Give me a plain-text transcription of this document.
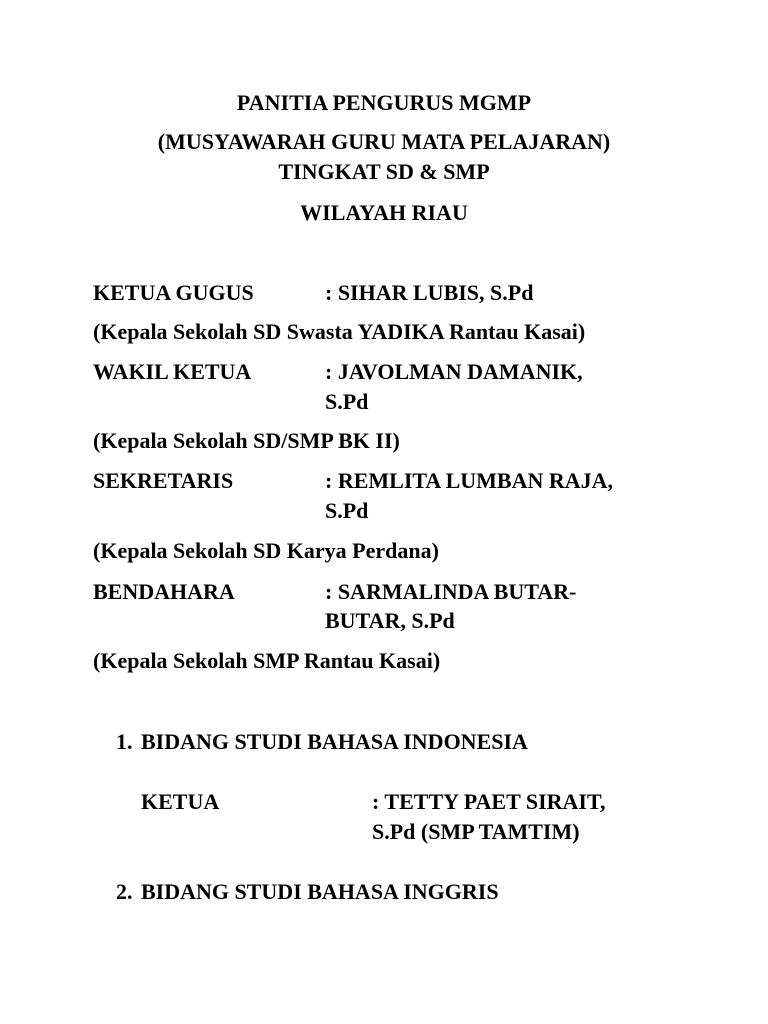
PANITIA PENGURUS MGMP
(MUSYAWARAH GURU MATA PELAJARAN)
TINGKAT SD & SMP
WILAYAH RIAU
KETUA GUGUS	: SIHAR LUBIS, S.Pd
(Kepala Sekolah SD Swasta YADIKA Rantau Kasai)
WAKIL KETUA	: JAVOLMAN DAMANIK,
S.Pd
(Kepala Sekolah SD/SMP BK II)
SEKRETARIS	: REMLITA LUMBAN RAJA,
S.Pd
(Kepala Sekolah SD Karya Perdana)
BENDAHARA	: SARMALINDA BUTAR-
BUTAR, S.Pd
(Kepala Sekolah SMP Rantau Kasai)
1. BIDANG STUDI BAHASA INDONESIA
KETUA	: TETTY PAET SIRAIT,
S.Pd (SMP TAMTIM)
2. BIDANG STUDI BAHASA INGGRIS
